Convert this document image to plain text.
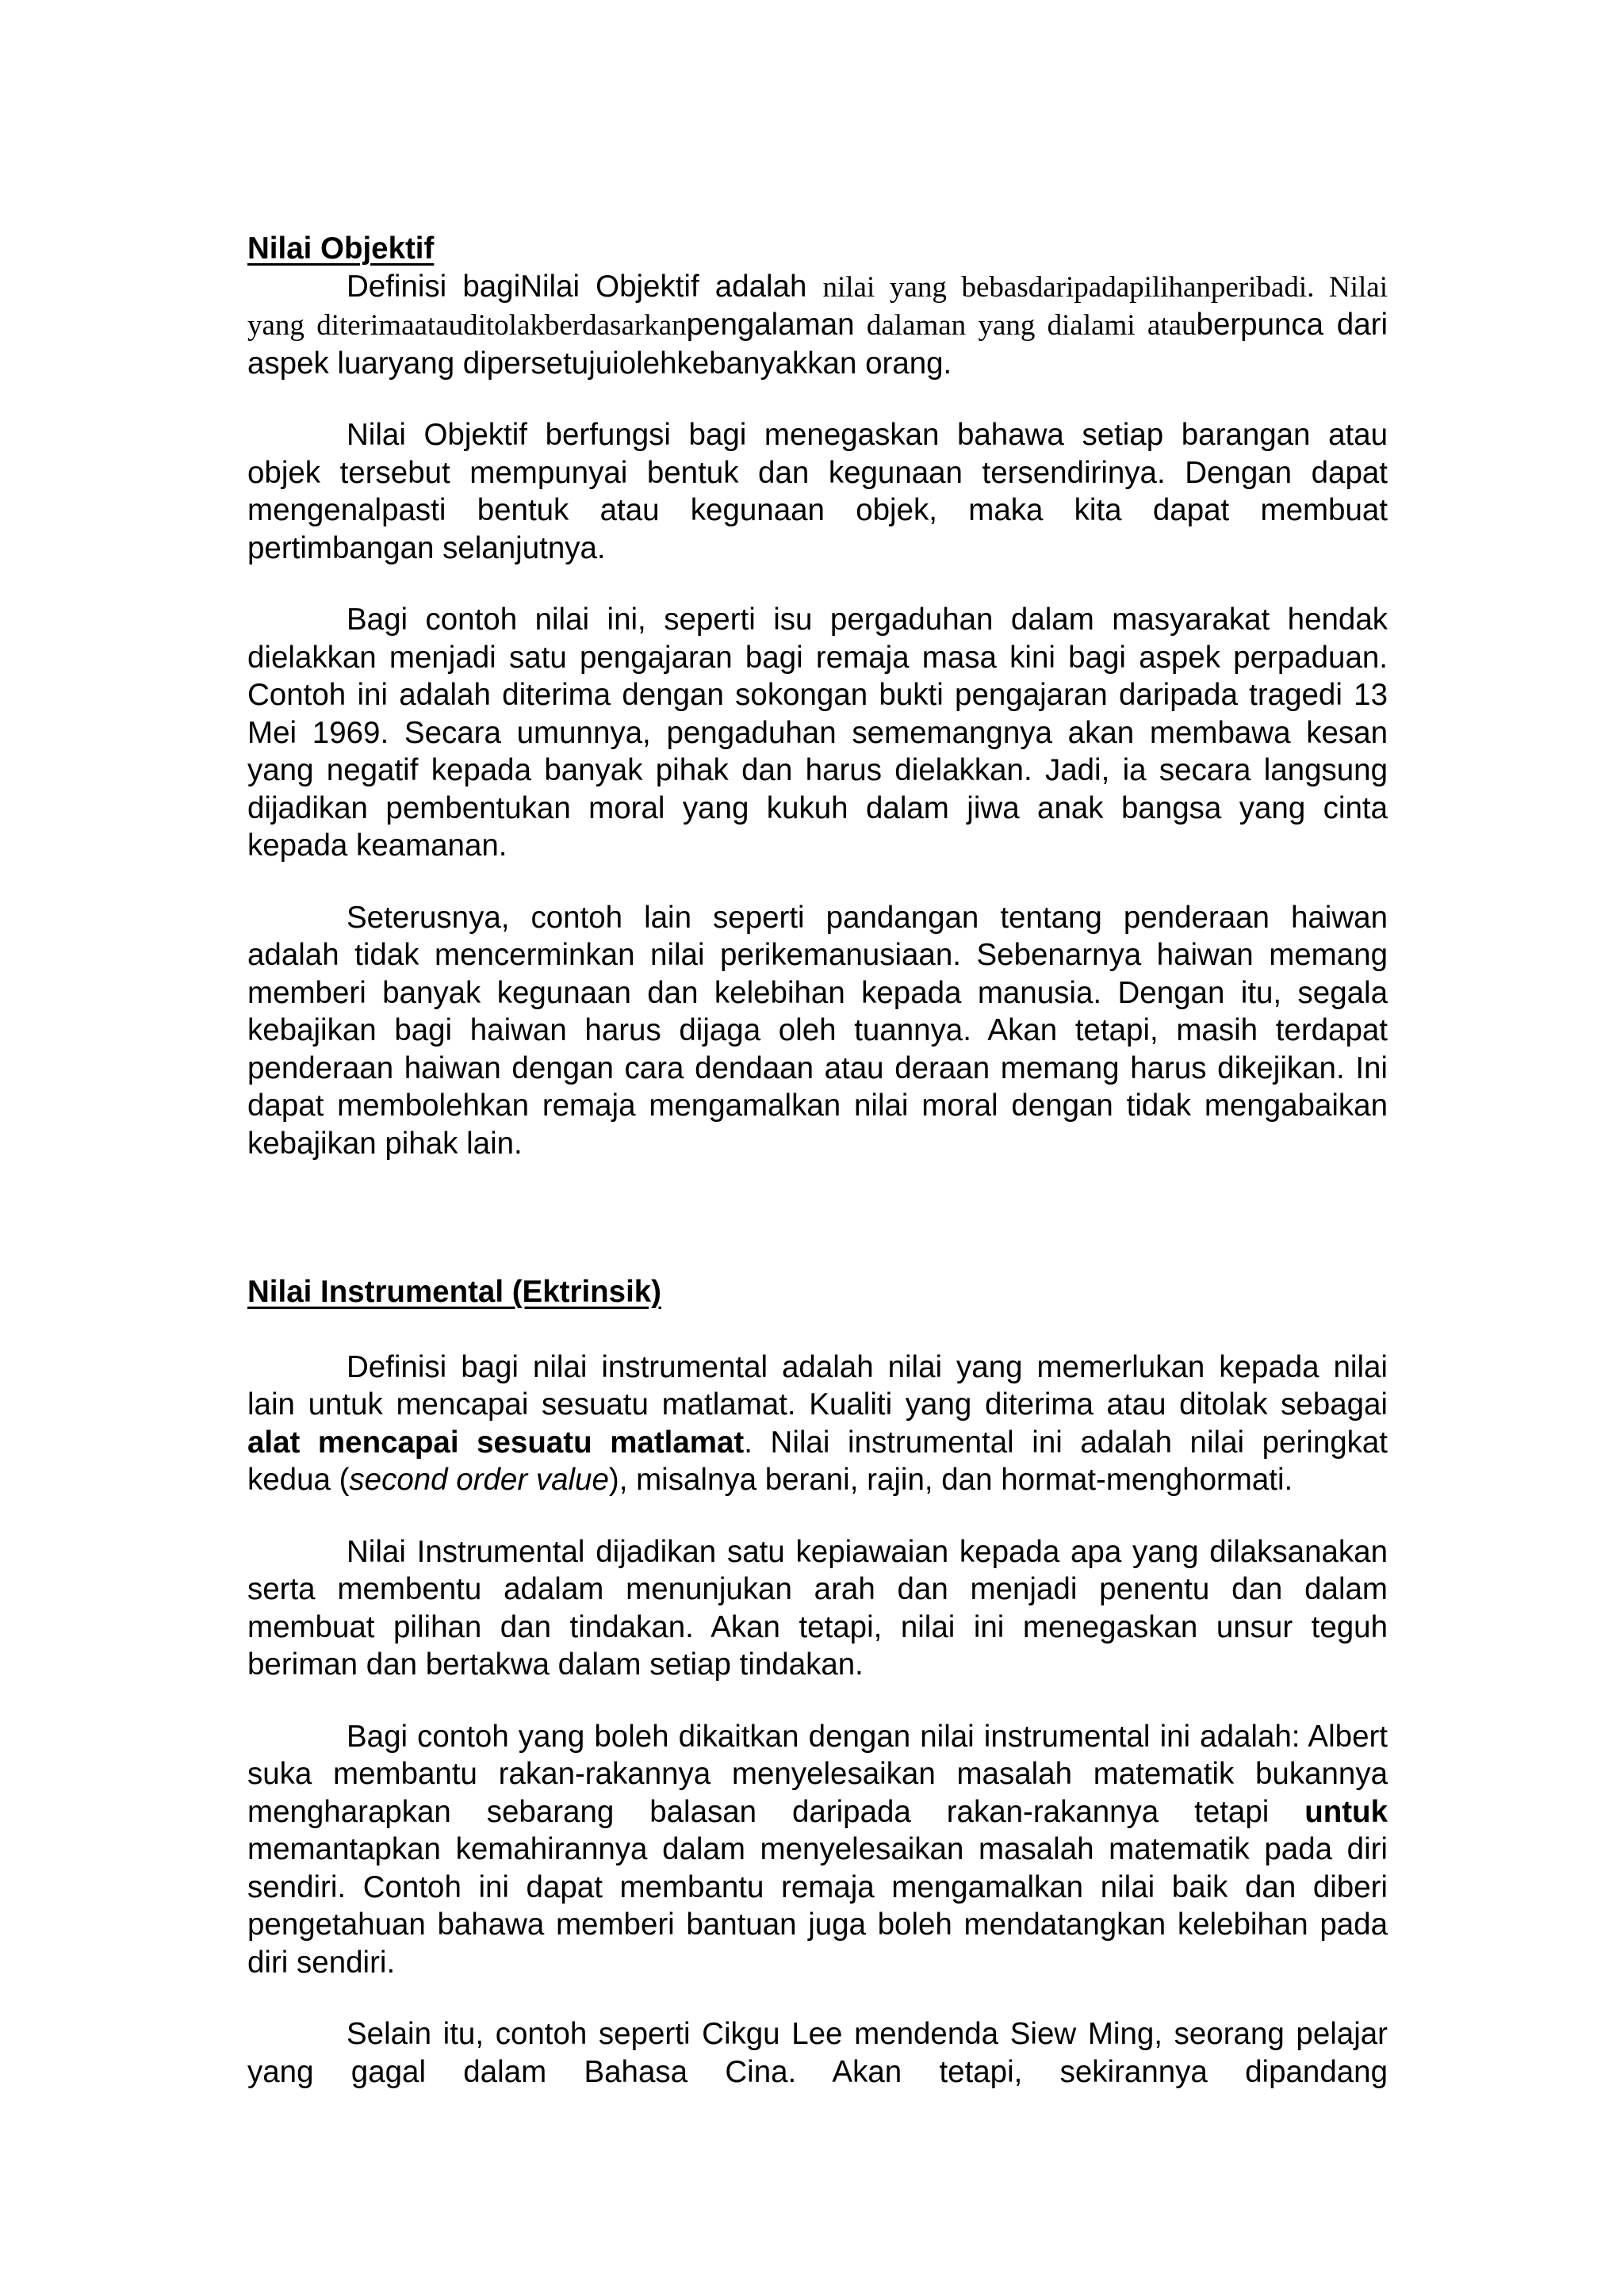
Nilai Objektif

Definisi bagiNilai Objektif adalah nilai yang bebasdaripadapilihanperibadi. Nilai yang diterimaatauditolakberdasarkanpengalaman dalaman yang dialami atauberpunca dari aspek luaryang dipersetujuiolehkebanyakkan orang.

Nilai Objektif berfungsi bagi menegaskan bahawa setiap barangan atau objek tersebut mempunyai bentuk dan kegunaan tersendirinya. Dengan dapat mengenalpasti bentuk atau kegunaan objek, maka kita dapat membuat pertimbangan selanjutnya.

Bagi contoh nilai ini, seperti isu pergaduhan dalam masyarakat hendak dielakkan menjadi satu pengajaran bagi remaja masa kini bagi aspek perpaduan. Contoh ini adalah diterima dengan sokongan bukti pengajaran daripada tragedi 13 Mei 1969. Secara umunnya, pengaduhan sememangnya akan membawa kesan yang negatif kepada banyak pihak dan harus dielakkan. Jadi, ia secara langsung dijadikan pembentukan moral yang kukuh dalam jiwa anak bangsa yang cinta kepada keamanan.

Seterusnya, contoh lain seperti pandangan tentang penderaan haiwan adalah tidak mencerminkan nilai perikemanusiaan. Sebenarnya haiwan memang memberi banyak kegunaan dan kelebihan kepada manusia. Dengan itu, segala kebajikan bagi haiwan harus dijaga oleh tuannya. Akan tetapi, masih terdapat penderaan haiwan dengan cara dendaan atau deraan memang harus dikejikan. Ini dapat membolehkan remaja mengamalkan nilai moral dengan tidak mengabaikan kebajikan pihak lain.

Nilai Instrumental (Ektrinsik)

Definisi bagi nilai instrumental adalah nilai yang memerlukan kepada nilai lain untuk mencapai sesuatu matlamat. Kualiti yang diterima atau ditolak sebagai alat mencapai sesuatu matlamat. Nilai instrumental ini adalah nilai peringkat kedua (second order value), misalnya berani, rajin, dan hormat-menghormati.

Nilai Instrumental dijadikan satu kepiawaian kepada apa yang dilaksanakan serta membentu adalam menunjukan arah dan menjadi penentu dan dalam membuat pilihan dan tindakan. Akan tetapi, nilai ini menegaskan unsur teguh beriman dan bertakwa dalam setiap tindakan.

Bagi contoh yang boleh dikaitkan dengan nilai instrumental ini adalah: Albert suka membantu rakan-rakannya menyelesaikan masalah matematik bukannya mengharapkan sebarang balasan daripada rakan-rakannya tetapi untuk memantapkan kemahirannya dalam menyelesaikan masalah matematik pada diri sendiri. Contoh ini dapat membantu remaja mengamalkan nilai baik dan diberi pengetahuan bahawa memberi bantuan juga boleh mendatangkan kelebihan pada diri sendiri.

Selain itu, contoh seperti Cikgu Lee mendenda Siew Ming, seorang pelajar yang gagal dalam Bahasa Cina. Akan tetapi, sekirannya dipandang
